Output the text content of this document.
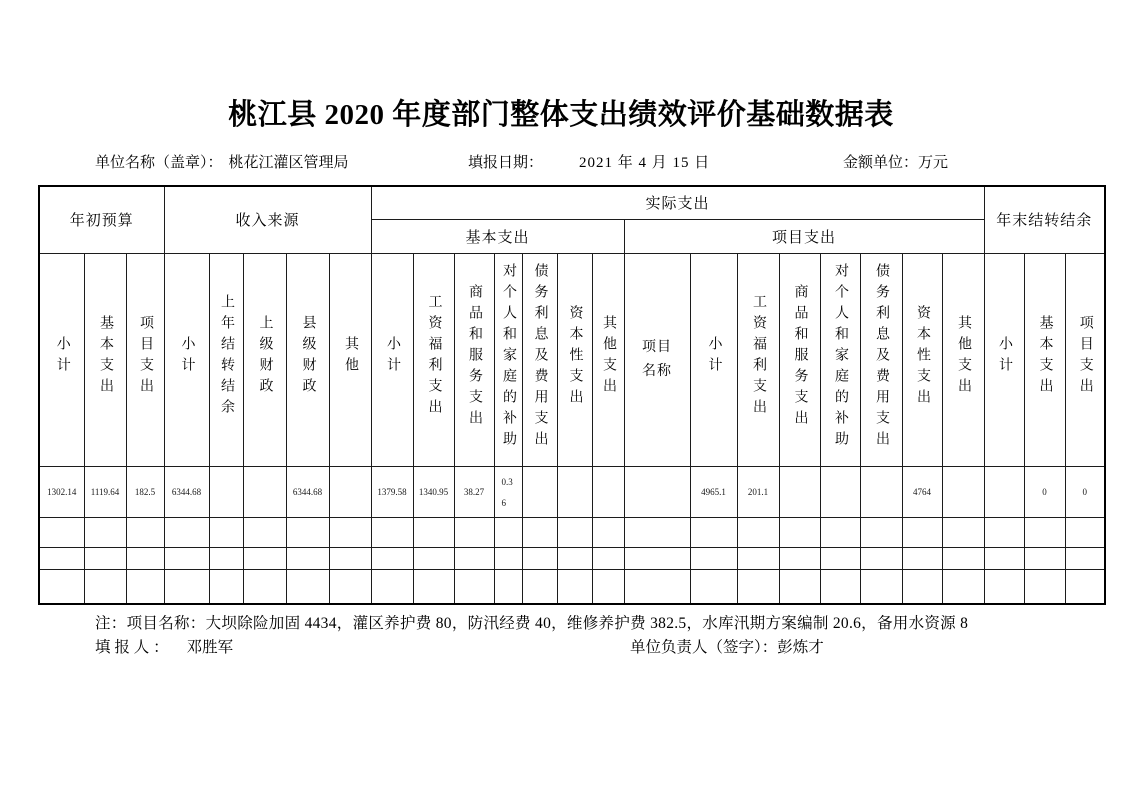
桃江县 2020 年度部门整体支出绩效评价基础数据表
单位名称（盖章）： 桃花江灌区管理局	填报日期： 2021 年 4 月 15 日	金额单位：万元
年初预算			收入来源					实际支出															年末结转结余		
								基本支出							项目支出										
小计	基本支出	项目支出	小计	上年结转结余	上级财政	县级财政	其他	小计	工资福利支出	商品和服务支出	对个人和家庭的补助	债务利息及费用支出	资本性支出	其他支出	项目名称	小计	工资福利支出	商品和服务支出	对个人和家庭的补助	债务利息及费用支出	资本性支出	其他支出	小计	基本支出	项目支出
1302.14	1119.64	182.5	6344.68			6344.68		1379.58	1340.95	38.27	0.36					4965.1	201.1				4764			0	0

注：项目名称：大坝除险加固 4434，灌区养护费 80，防汛经费 40，维修养护费 382.5，水库汛期方案编制 20.6，备用水资源 8
填 报 人 ： 邓胜军	单位负责人（签字）：彭炼才
